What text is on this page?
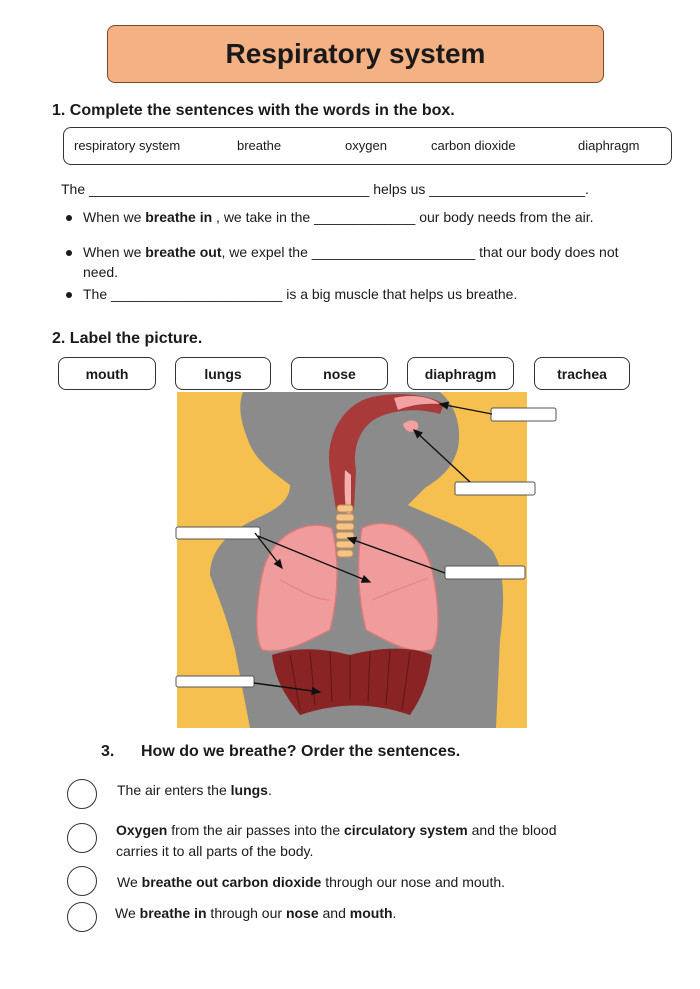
Respiratory system
1. Complete the sentences with the words in the box.
respiratory system	breathe	oxygen	carbon dioxide	diaphragm
The ____________________________________ helps us ____________________.
When we breathe in , we take in the _____________ our body needs from the air.
When we breathe out, we expel the _____________________ that our body does not
need.
The ______________________ is a big muscle that helps us breathe.
2. Label the picture.
mouth	lungs	nose	diaphragm	trachea
3. How do we breathe? Order the sentences.
The air enters the lungs.
Oxygen from the air passes into the circulatory system and the blood
carries it to all parts of the body.
We breathe out carbon dioxide through our nose and mouth.
We breathe in through our nose and mouth.
